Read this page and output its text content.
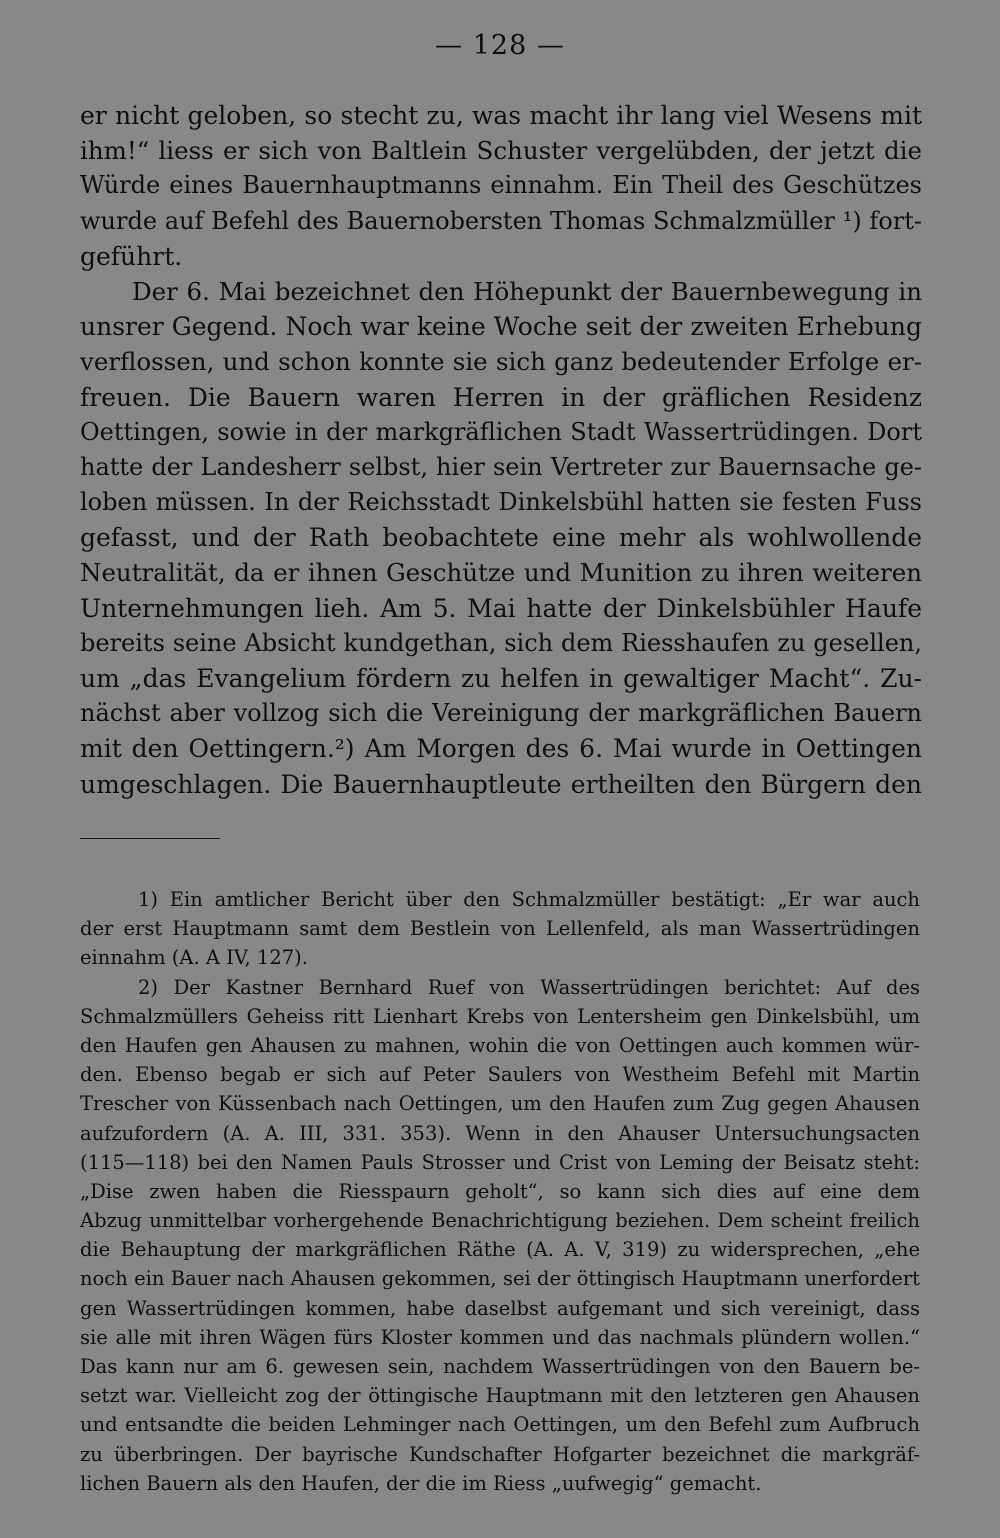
— 128 —
er nicht geloben, so stecht zu, was macht ihr lang viel Wesens mit
ihm!“ liess er sich von Baltlein Schuster vergelübden, der jetzt die
Würde eines Bauernhauptmanns einnahm. Ein Theil des Geschützes
wurde auf Befehl des Bauernobersten Thomas Schmalzmüller ¹) fort-
geführt.
Der 6. Mai bezeichnet den Höhepunkt der Bauernbewegung in
unsrer Gegend. Noch war keine Woche seit der zweiten Erhebung
verflossen, und schon konnte sie sich ganz bedeutender Erfolge er-
freuen. Die Bauern waren Herren in der gräflichen Residenz
Oettingen, sowie in der markgräflichen Stadt Wassertrüdingen. Dort
hatte der Landesherr selbst, hier sein Vertreter zur Bauernsache ge-
loben müssen. In der Reichsstadt Dinkelsbühl hatten sie festen Fuss
gefasst, und der Rath beobachtete eine mehr als wohlwollende
Neutralität, da er ihnen Geschütze und Munition zu ihren weiteren
Unternehmungen lieh. Am 5. Mai hatte der Dinkelsbühler Haufe
bereits seine Absicht kundgethan, sich dem Riesshaufen zu gesellen,
um „das Evangelium fördern zu helfen in gewaltiger Macht“. Zu-
nächst aber vollzog sich die Vereinigung der markgräflichen Bauern
mit den Oettingern.²) Am Morgen des 6. Mai wurde in Oettingen
umgeschlagen. Die Bauernhauptleute ertheilten den Bürgern den
1) Ein amtlicher Bericht über den Schmalzmüller bestätigt: „Er war auch
der erst Hauptmann samt dem Bestlein von Lellenfeld, als man Wassertrüdingen
einnahm (A. A IV, 127).
2) Der Kastner Bernhard Ruef von Wassertrüdingen berichtet: Auf des
Schmalzmüllers Geheiss ritt Lienhart Krebs von Lentersheim gen Dinkelsbühl, um
den Haufen gen Ahausen zu mahnen, wohin die von Oettingen auch kommen wür-
den. Ebenso begab er sich auf Peter Saulers von Westheim Befehl mit Martin
Trescher von Küssenbach nach Oettingen, um den Haufen zum Zug gegen Ahausen
aufzufordern (A. A. III, 331. 353). Wenn in den Ahauser Untersuchungsacten
(115—118) bei den Namen Pauls Strosser und Crist von Leming der Beisatz steht:
„Dise zwen haben die Riesspaurn geholt“, so kann sich dies auf eine dem
Abzug unmittelbar vorhergehende Benachrichtigung beziehen. Dem scheint freilich
die Behauptung der markgräflichen Räthe (A. A. V, 319) zu widersprechen, „ehe
noch ein Bauer nach Ahausen gekommen, sei der öttingisch Hauptmann unerfordert
gen Wassertrüdingen kommen, habe daselbst aufgemant und sich vereinigt, dass
sie alle mit ihren Wägen fürs Kloster kommen und das nachmals plündern wollen.“
Das kann nur am 6. gewesen sein, nachdem Wassertrüdingen von den Bauern be-
setzt war. Vielleicht zog der öttingische Hauptmann mit den letzteren gen Ahausen
und entsandte die beiden Lehminger nach Oettingen, um den Befehl zum Aufbruch
zu überbringen. Der bayrische Kundschafter Hofgarter bezeichnet die markgräf-
lichen Bauern als den Haufen, der die im Riess „uufwegig“ gemacht.
